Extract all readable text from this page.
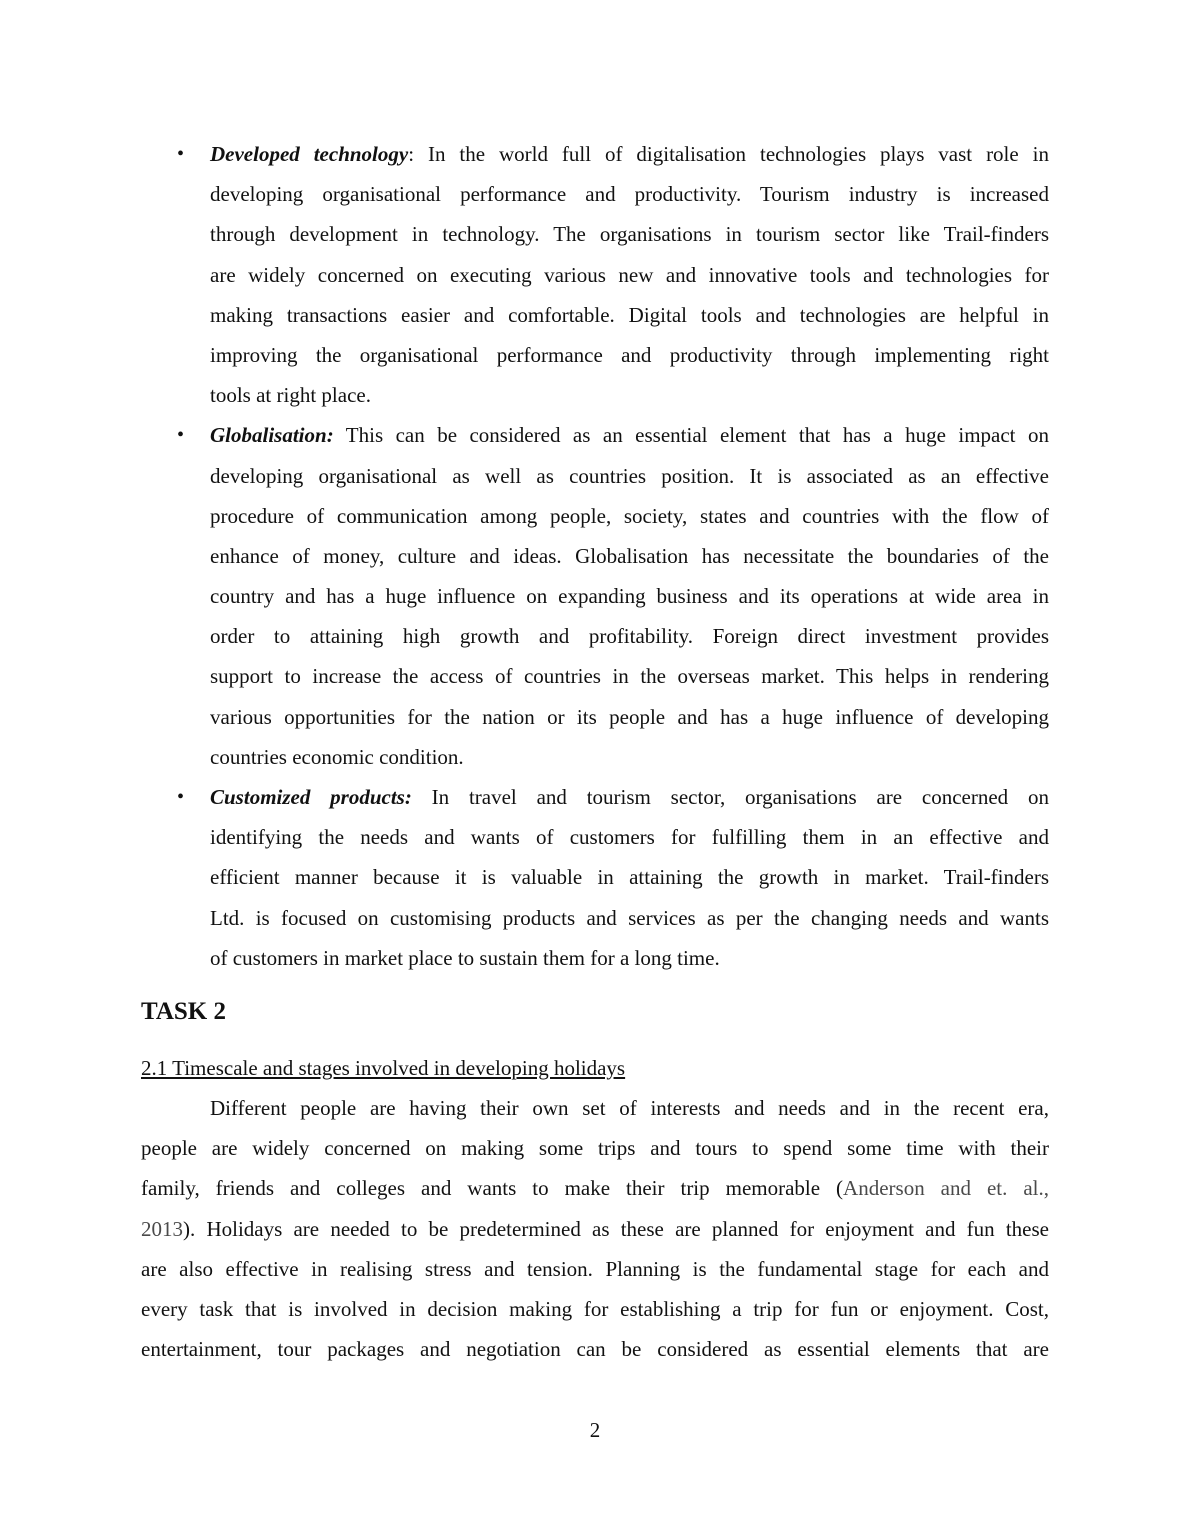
• Developed technology: In the world full of digitalisation technologies plays vast role in
developing organisational performance and productivity. Tourism industry is increased
through development in technology. The organisations in tourism sector like Trail-finders
are widely concerned on executing various new and innovative tools and technologies for
making transactions easier and comfortable. Digital tools and technologies are helpful in
improving the organisational performance and productivity through implementing right
tools at right place.
• Globalisation: This can be considered as an essential element that has a huge impact on
developing organisational as well as countries position. It is associated as an effective
procedure of communication among people, society, states and countries with the flow of
enhance of money, culture and ideas. Globalisation has necessitate the boundaries of the
country and has a huge influence on expanding business and its operations at wide area in
order to attaining high growth and profitability. Foreign direct investment provides
support to increase the access of countries in the overseas market. This helps in rendering
various opportunities for the nation or its people and has a huge influence of developing
countries economic condition.
• Customized products: In travel and tourism sector, organisations are concerned on
identifying the needs and wants of customers for fulfilling them in an effective and
efficient manner because it is valuable in attaining the growth in market. Trail-finders
Ltd. is focused on customising products and services as per the changing needs and wants
of customers in market place to sustain them for a long time.
TASK 2
2.1 Timescale and stages involved in developing holidays
Different people are having their own set of interests and needs and in the recent era,
people are widely concerned on making some trips and tours to spend some time with their
family, friends and colleges and wants to make their trip memorable (Anderson and et. al.,
2013). Holidays are needed to be predetermined as these are planned for enjoyment and fun these
are also effective in realising stress and tension. Planning is the fundamental stage for each and
every task that is involved in decision making for establishing a trip for fun or enjoyment. Cost,
entertainment, tour packages and negotiation can be considered as essential elements that are
2
